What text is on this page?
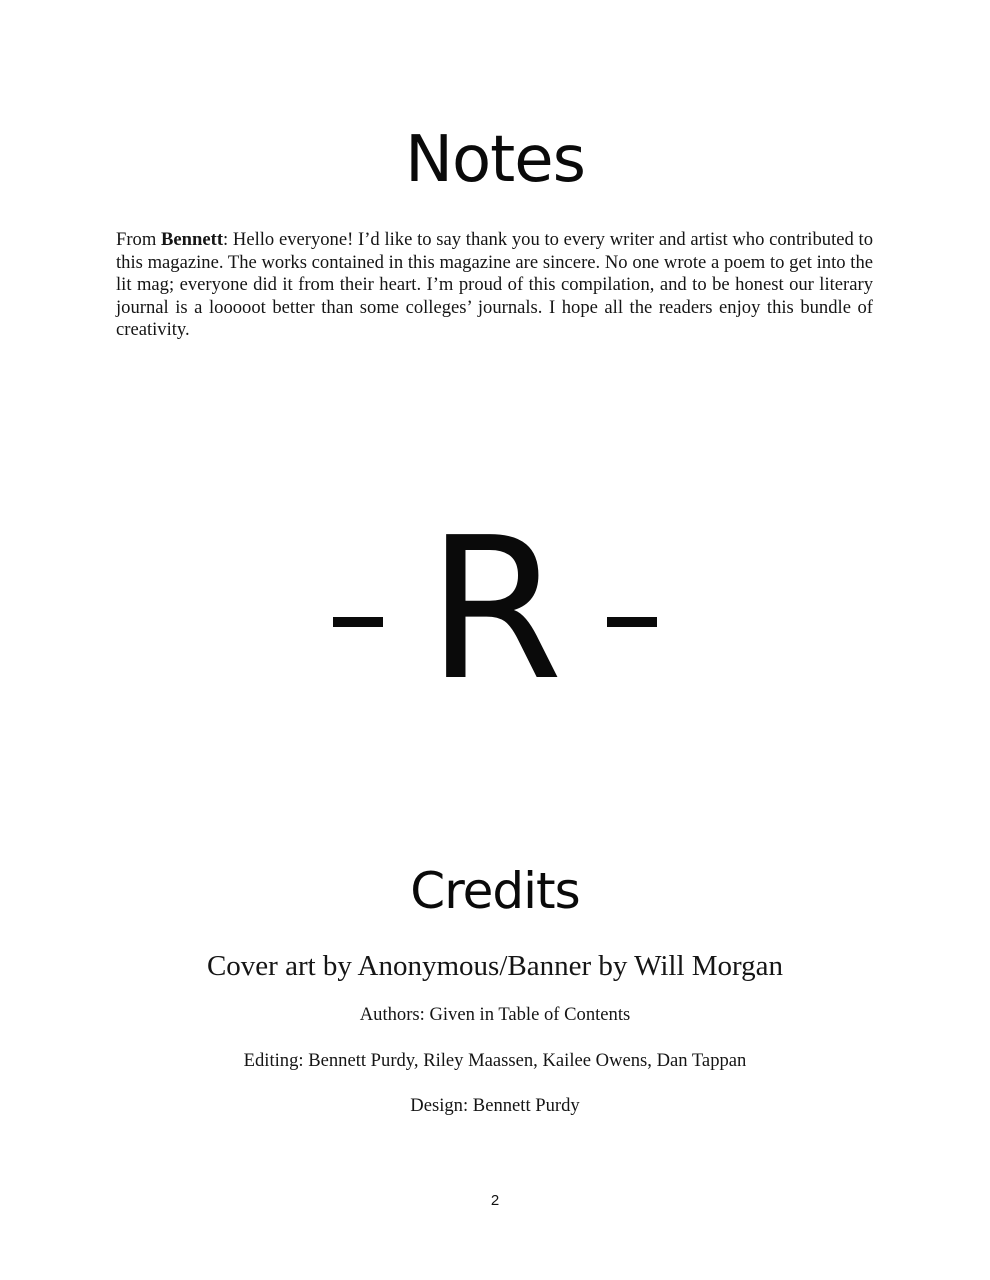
Notes

From Bennett: Hello everyone! I’d like to say thank you to every writer and artist who contributed to this magazine. The works contained in this magazine are sincere. No one wrote a poem to get into the lit mag; everyone did it from their heart. I’m proud of this compilation, and to be honest our literary journal is a looooot better than some colleges’ journals. I hope all the readers enjoy this bundle of creativity.

R
Credits
Cover art by Anonymous/Banner by Will Morgan
Authors: Given in Table of Contents
Editing: Bennett Purdy, Riley Maassen, Kailee Owens, Dan Tappan
Design: Bennett Purdy
2
